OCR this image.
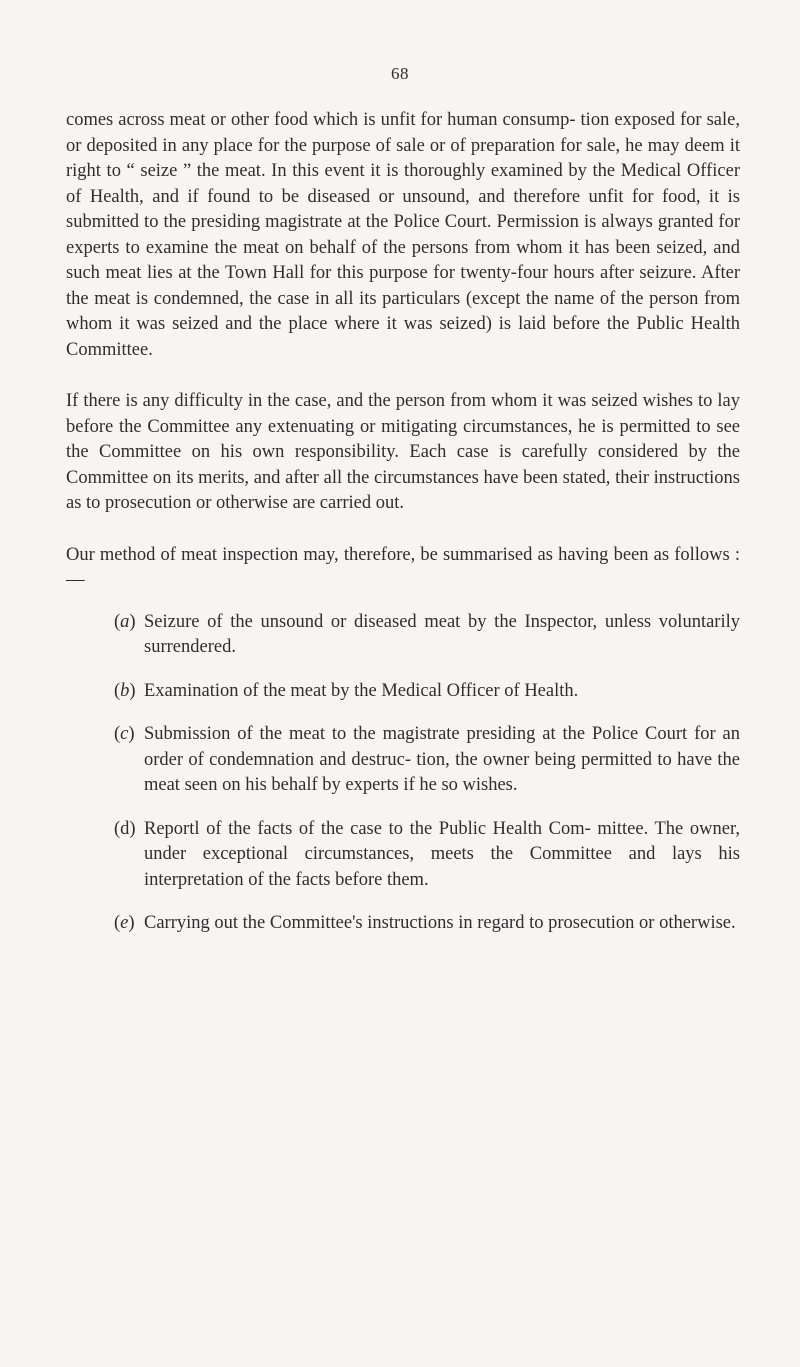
68

comes across meat or other food which is unfit for human consump- tion exposed for sale, or deposited in any place for the purpose of sale or of preparation for sale, he may deem it right to “ seize ” the meat. In this event it is thoroughly examined by the Medical Officer of Health, and if found to be diseased or unsound, and therefore unfit for food, it is submitted to the presiding magistrate at the Police Court. Permission is always granted for experts to examine the meat on behalf of the persons from whom it has been seized, and such meat lies at the Town Hall for this purpose for twenty-four hours after seizure. After the meat is condemned, the case in all its particulars (except the name of the person from whom it was seized and the place where it was seized) is laid before the Public Health Committee.

If there is any difficulty in the case, and the person from whom it was seized wishes to lay before the Committee any extenuating or mitigating circumstances, he is permitted to see the Committee on his own responsibility. Each case is carefully considered by the Committee on its merits, and after all the circumstances have been stated, their instructions as to prosecution or otherwise are carried out.

Our method of meat inspection may, therefore, be summarised as having been as follows :—

(a) Seizure of the unsound or diseased meat by the Inspector, unless voluntarily surrendered.

(b) Examination of the meat by the Medical Officer of Health.

(c) Submission of the meat to the magistrate presiding at the Police Court for an order of condemnation and destruc- tion, the owner being permitted to have the meat seen on his behalf by experts if he so wishes.

(d) Reportl of the facts of the case to the Public Health Com- mittee. The owner, under exceptional circumstances, meets the Committee and lays his interpretation of the facts before them.

(e) Carrying out the Committee's instructions in regard to prosecution or otherwise.
